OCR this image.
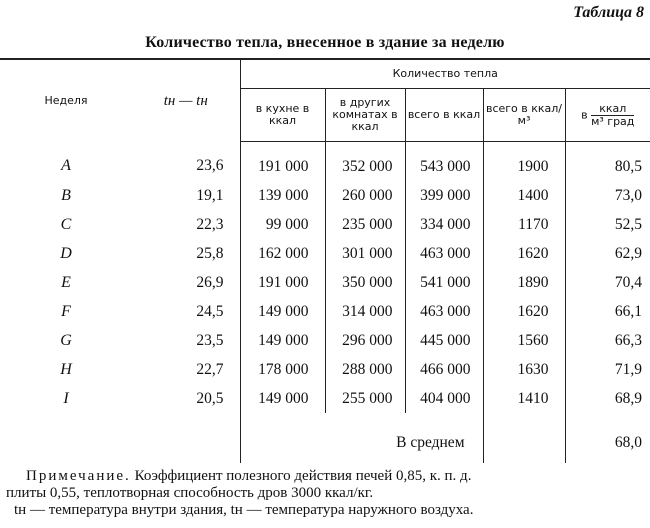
Таблица 8
Количество тепла, внесенное в здание за неделю
Неделя	tн — tн	Количество тепла				
		в кухне в ккал	в других комнатах в ккал	всего в ккал	всего в ккал/м³	в $\frac{\text{ккал}}{\text{м³ град}}$

A	23,6	191 000	352 000	543 000	1900	80,5
B	19,1	139 000	260 000	399 000	1400	73,0
C	22,3	99 000	235 000	334 000	1170	52,5
D	25,8	162 000	301 000	463 000	1620	62,9
E	26,9	191 000	350 000	541 000	1890	70,4
F	24,5	149 000	314 000	463 000	1620	66,1
G	23,5	149 000	296 000	445 000	1560	66,3
H	22,7	178 000	288 000	466 000	1630	71,9
I	20,5	149 000	255 000	404 000	1410	68,9
			В среднем			68,0
Примечание. Коэффициент полезного действия печей 0,85, к. п. д.
плиты 0,55, теплотворная способность дров 3000 ккал/кг.
tн — температура внутри здания, tн — температура наружного воздуха.
